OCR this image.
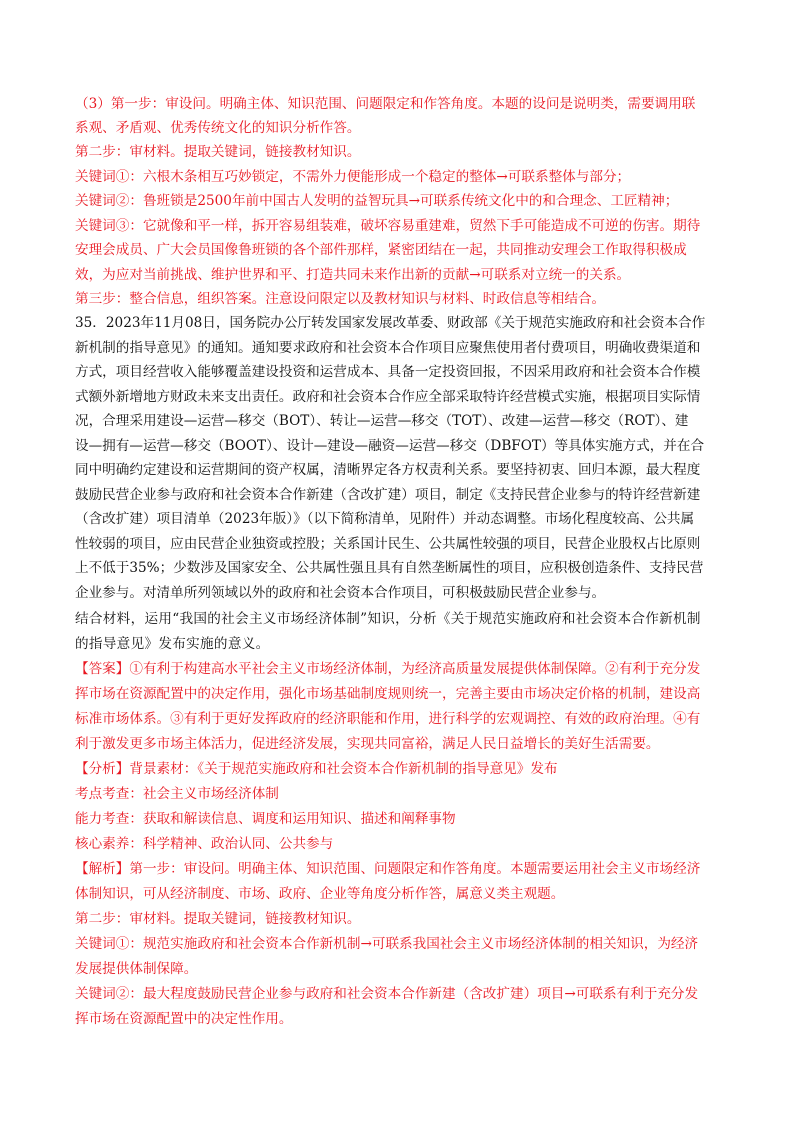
（3）第一步：审设问。明确主体、知识范围、问题限定和作答角度。本题的设问是说明类，需要调用联
系观、矛盾观、优秀传统文化的知识分析作答。
第二步：审材料。提取关键词，链接教材知识。
关键词①：六根木条相互巧妙锁定，不需外力便能形成一个稳定的整体→可联系整体与部分；
关键词②：鲁班锁是2500年前中国古人发明的益智玩具→可联系传统文化中的和合理念、工匠精神；
关键词③：它就像和平一样，拆开容易组装难，破坏容易重建难，贸然下手可能造成不可逆的伤害。期待
安理会成员、广大会员国像鲁班锁的各个部件那样，紧密团结在一起，共同推动安理会工作取得积极成
效，为应对当前挑战、维护世界和平、打造共同未来作出新的贡献→可联系对立统一的关系。
第三步：整合信息，组织答案。注意设问限定以及教材知识与材料、时政信息等相结合。
35．2023年11月08日，国务院办公厅转发国家发展改革委、财政部《关于规范实施政府和社会资本合作
新机制的指导意见》的通知。通知要求政府和社会资本合作项目应聚焦使用者付费项目，明确收费渠道和
方式，项目经营收入能够覆盖建设投资和运营成本、具备一定投资回报，不因采用政府和社会资本合作模
式额外新增地方财政未来支出责任。政府和社会资本合作应全部采取特许经营模式实施，根据项目实际情
况，合理采用建设—运营—移交（BOT）、转让—运营—移交（TOT）、改建—运营—移交（ROT）、建
设—拥有—运营—移交（BOOT）、设计—建设—融资—运营—移交（DBFOT）等具体实施方式，并在合
同中明确约定建设和运营期间的资产权属，清晰界定各方权责利关系。要坚持初衷、回归本源，最大程度
鼓励民营企业参与政府和社会资本合作新建（含改扩建）项目，制定《支持民营企业参与的特许经营新建
（含改扩建）项目清单（2023年版）》（以下简称清单，见附件）并动态调整。市场化程度较高、公共属
性较弱的项目，应由民营企业独资或控股；关系国计民生、公共属性较强的项目，民营企业股权占比原则
上不低于35%；少数涉及国家安全、公共属性强且具有自然垄断属性的项目，应积极创造条件、支持民营
企业参与。对清单所列领域以外的政府和社会资本合作项目，可积极鼓励民营企业参与。
结合材料，运用“我国的社会主义市场经济体制”知识，分析《关于规范实施政府和社会资本合作新机制
的指导意见》发布实施的意义。
【答案】①有利于构建高水平社会主义市场经济体制，为经济高质量发展提供体制保障。②有利于充分发
挥市场在资源配置中的决定作用，强化市场基础制度规则统一，完善主要由市场决定价格的机制，建设高
标准市场体系。③有利于更好发挥政府的经济职能和作用，进行科学的宏观调控、有效的政府治理。④有
利于激发更多市场主体活力，促进经济发展，实现共同富裕，满足人民日益增长的美好生活需要。
【分析】背景素材：《关于规范实施政府和社会资本合作新机制的指导意见》发布
考点考查：社会主义市场经济体制
能力考查：获取和解读信息、调度和运用知识、描述和阐释事物
核心素养：科学精神、政治认同、公共参与
【解析】第一步：审设问。明确主体、知识范围、问题限定和作答角度。本题需要运用社会主义市场经济
体制知识，可从经济制度、市场、政府、企业等角度分析作答，属意义类主观题。
第二步：审材料。提取关键词，链接教材知识。
关键词①：规范实施政府和社会资本合作新机制→可联系我国社会主义市场经济体制的相关知识，为经济
发展提供体制保障。
关键词②：最大程度鼓励民营企业参与政府和社会资本合作新建（含改扩建）项目→可联系有利于充分发
挥市场在资源配置中的决定性作用。
